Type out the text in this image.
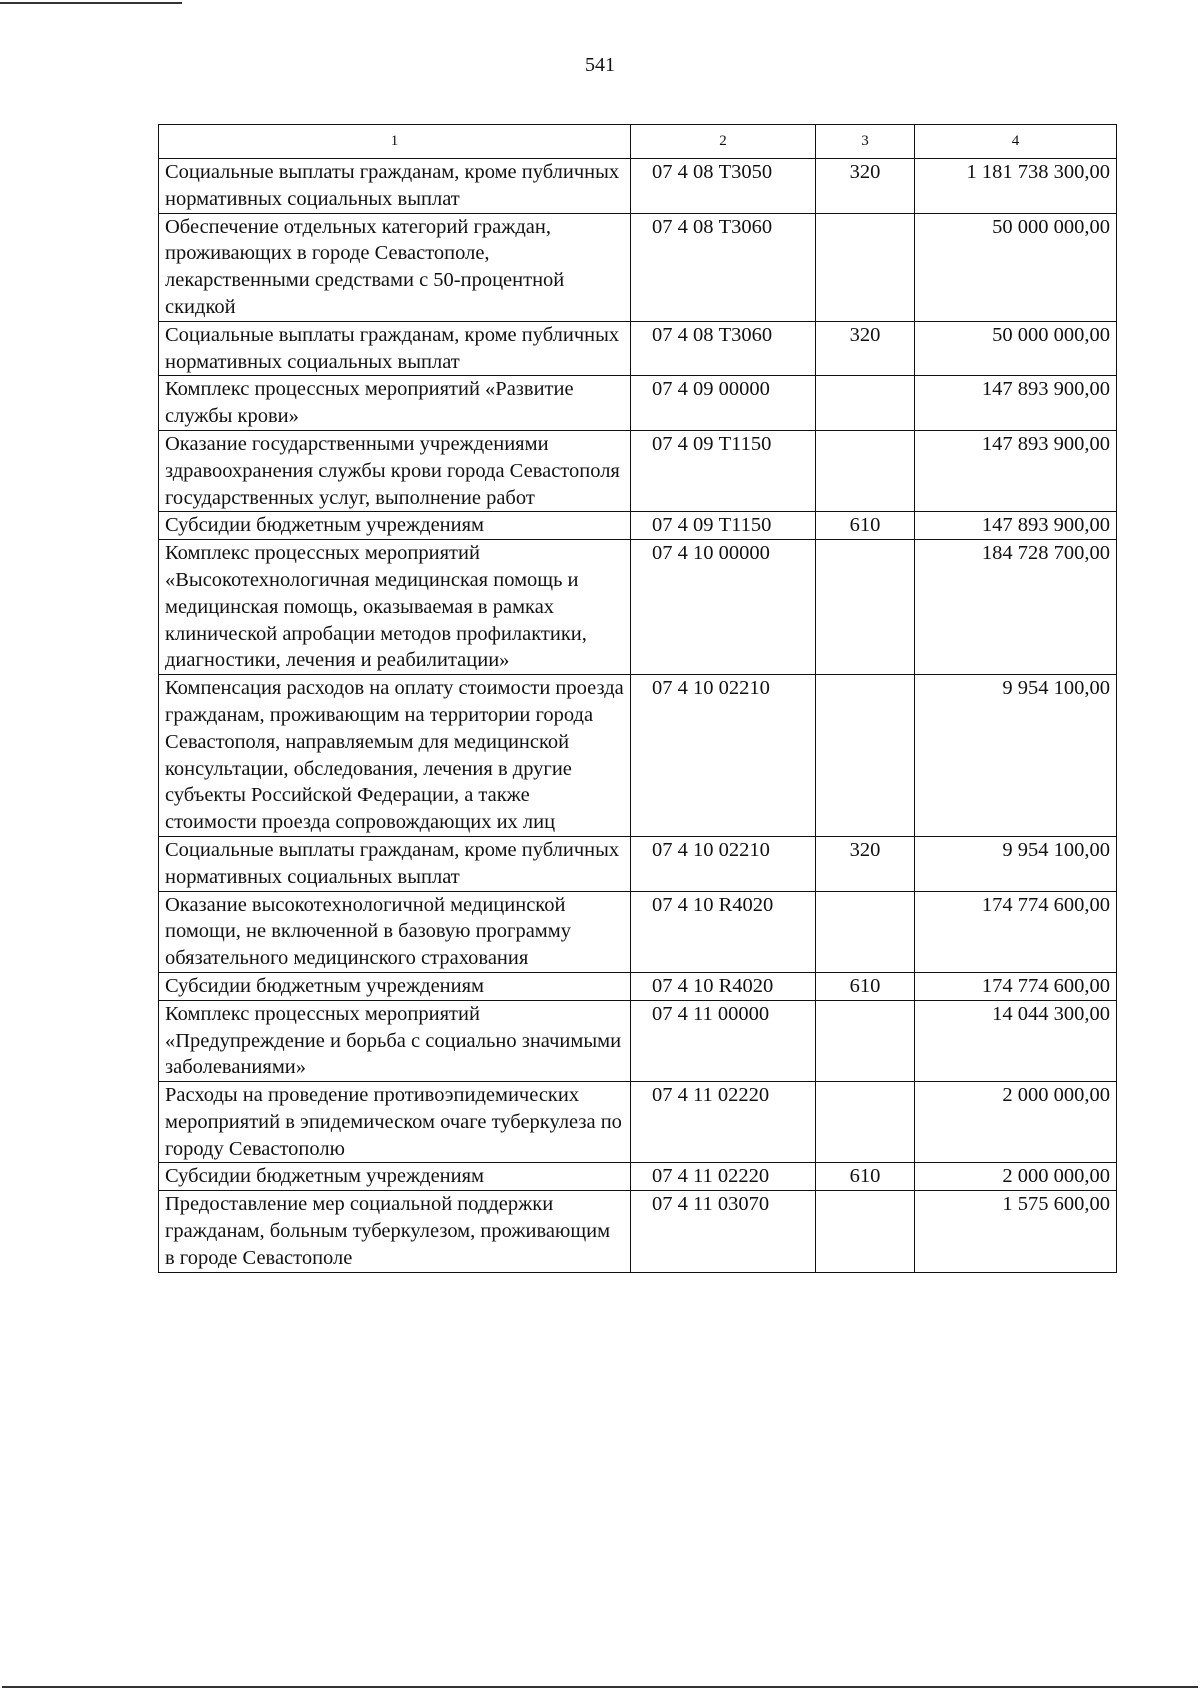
541
1	2	3	4
Социальные выплаты гражданам, кроме публичных нормативных социальных выплат	07 4 08 Т3050	320	1 181 738 300,00
Обеспечение отдельных категорий граждан, проживающих в городе Севастополе, лекарственными средствами с 50-процентной скидкой	07 4 08 Т3060		50 000 000,00
Социальные выплаты гражданам, кроме публичных нормативных социальных выплат	07 4 08 Т3060	320	50 000 000,00
Комплекс процессных мероприятий «Развитие службы крови»	07 4 09 00000		147 893 900,00
Оказание государственными учреждениями здравоохранения службы крови города Севастополя государственных услуг, выполнение работ	07 4 09 Т1150		147 893 900,00
Субсидии бюджетным учреждениям	07 4 09 Т1150	610	147 893 900,00
Комплекс процессных мероприятий «Высокотехнологичная медицинская помощь и медицинская помощь, оказываемая в рамках клинической апробации методов профилактики, диагностики, лечения и реабилитации»	07 4 10 00000		184 728 700,00
Компенсация расходов на оплату стоимости проезда гражданам, проживающим на территории города Севастополя, направляемым для медицинской консультации, обследования, лечения в другие субъекты Российской Федерации, а также стоимости проезда сопровождающих их лиц	07 4 10 02210		9 954 100,00
Социальные выплаты гражданам, кроме публичных нормативных социальных выплат	07 4 10 02210	320	9 954 100,00
Оказание высокотехнологичной медицинской помощи, не включенной в базовую программу обязательного медицинского страхования	07 4 10 R4020		174 774 600,00
Субсидии бюджетным учреждениям	07 4 10 R4020	610	174 774 600,00
Комплекс процессных мероприятий «Предупреждение и борьба с социально значимыми заболеваниями»	07 4 11 00000		14 044 300,00
Расходы на проведение противоэпидемических мероприятий в эпидемическом очаге туберкулеза по городу Севастополю	07 4 11 02220		2 000 000,00
Субсидии бюджетным учреждениям	07 4 11 02220	610	2 000 000,00
Предоставление мер социальной поддержки гражданам, больным туберкулезом, проживающим в городе Севастополе	07 4 11 03070		1 575 600,00
